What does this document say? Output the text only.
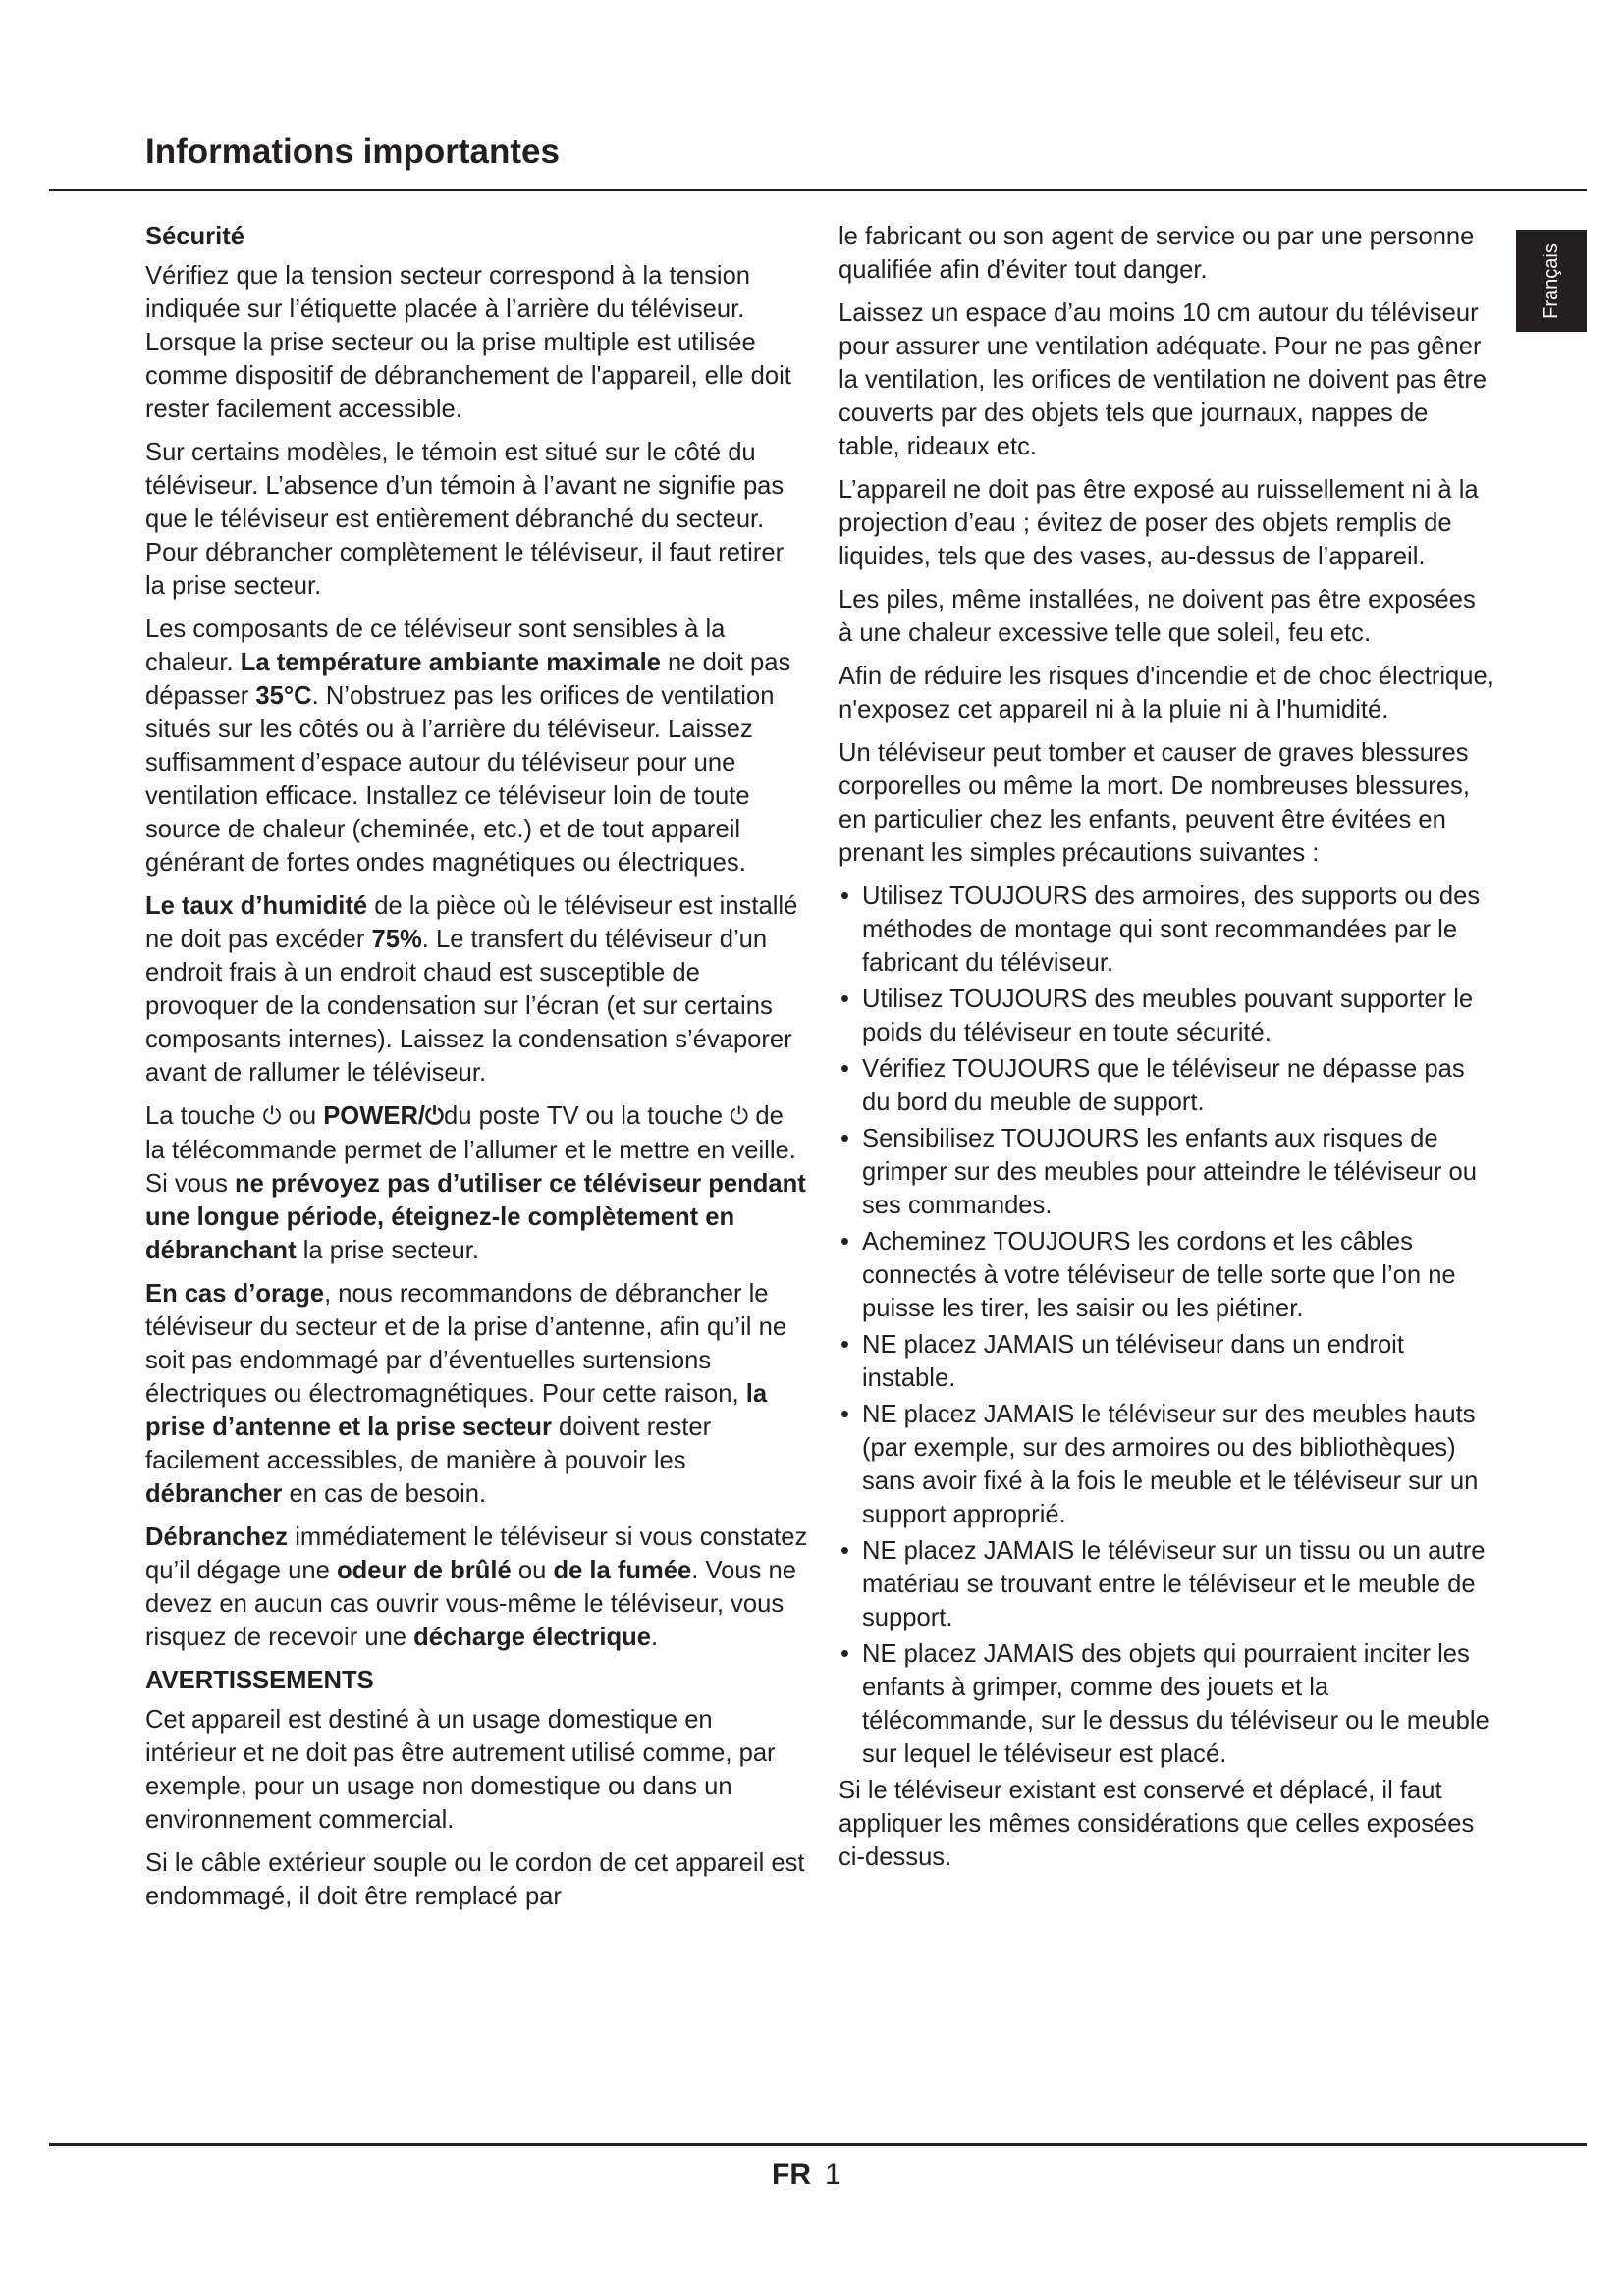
Informations importantes
Français
Sécurité

Vérifiez que la tension secteur correspond à la tension indiquée sur l’étiquette placée à l’arrière du téléviseur. Lorsque la prise secteur ou la prise multiple est utilisée comme dispositif de débranchement de l'appareil, elle doit rester facilement accessible.

Sur certains modèles, le témoin est situé sur le côté du téléviseur. L’absence d’un témoin à l’avant ne signifie pas que le téléviseur est entièrement débranché du secteur. Pour débrancher complètement le téléviseur, il faut retirer la prise secteur.

Les composants de ce téléviseur sont sensibles à la chaleur. La température ambiante maximale ne doit pas dépasser 35°C. N’obstruez pas les orifices de ventilation situés sur les côtés ou à l’arrière du téléviseur. Laissez suffisamment d’espace autour du téléviseur pour une ventilation efficace. Installez ce téléviseur loin de toute source de chaleur (cheminée, etc.) et de tout appareil générant de fortes ondes magnétiques ou électriques.

Le taux d’humidité de la pièce où le téléviseur est installé ne doit pas excéder 75%. Le transfert du téléviseur d’un endroit frais à un endroit chaud est susceptible de provoquer de la condensation sur l’écran (et sur certains composants internes). Laissez la condensation s’évaporer avant de rallumer le téléviseur.

La touche ⏻ ou POWER/⏻du poste TV ou la touche ⏻ de la télécommande permet de l’allumer et le mettre en veille. Si vous ne prévoyez pas d’utiliser ce téléviseur pendant une longue période, éteignez-le complètement en débranchant la prise secteur.

En cas d’orage, nous recommandons de débrancher le téléviseur du secteur et de la prise d’antenne, afin qu’il ne soit pas endommagé par d’éventuelles surtensions électriques ou électromagnétiques. Pour cette raison, la prise d’antenne et la prise secteur doivent rester facilement accessibles, de manière à pouvoir les débrancher en cas de besoin.

Débranchez immédiatement le téléviseur si vous constatez qu’il dégage une odeur de brûlé ou de la fumée. Vous ne devez en aucun cas ouvrir vous-même le téléviseur, vous risquez de recevoir une décharge électrique.

AVERTISSEMENTS

Cet appareil est destiné à un usage domestique en intérieur et ne doit pas être autrement utilisé comme, par exemple, pour un usage non domestique ou dans un environnement commercial.

Si le câble extérieur souple ou le cordon de cet appareil est endommagé, il doit être remplacé par

le fabricant ou son agent de service ou par une personne qualifiée afin d’éviter tout danger.

Laissez un espace d’au moins 10 cm autour du téléviseur pour assurer une ventilation adéquate. Pour ne pas gêner la ventilation, les orifices de ventilation ne doivent pas être couverts par des objets tels que journaux, nappes de table, rideaux etc.

L’appareil ne doit pas être exposé au ruissellement ni à la projection d’eau ; évitez de poser des objets remplis de liquides, tels que des vases, au-dessus de l’appareil.

Les piles, même installées, ne doivent pas être exposées à une chaleur excessive telle que soleil, feu etc.

Afin de réduire les risques d'incendie et de choc électrique, n'exposez cet appareil ni à la pluie ni à l'humidité.

Un téléviseur peut tomber et causer de graves blessures corporelles ou même la mort. De nombreuses blessures, en particulier chez les enfants, peuvent être évitées en prenant les simples précautions suivantes :

• Utilisez TOUJOURS des armoires, des supports ou des méthodes de montage qui sont recommandées par le fabricant du téléviseur.
• Utilisez TOUJOURS des meubles pouvant supporter le poids du téléviseur en toute sécurité.
• Vérifiez TOUJOURS que le téléviseur ne dépasse pas du bord du meuble de support.
• Sensibilisez TOUJOURS les enfants aux risques de grimper sur des meubles pour atteindre le téléviseur ou ses commandes.
• Acheminez TOUJOURS les cordons et les câbles connectés à votre téléviseur de telle sorte que l’on ne puisse les tirer, les saisir ou les piétiner.
• NE placez JAMAIS un téléviseur dans un endroit instable.
• NE placez JAMAIS le téléviseur sur des meubles hauts (par exemple, sur des armoires ou des bibliothèques) sans avoir fixé à la fois le meuble et le téléviseur sur un support approprié.
• NE placez JAMAIS le téléviseur sur un tissu ou un autre matériau se trouvant entre le téléviseur et le meuble de support.
• NE placez JAMAIS des objets qui pourraient inciter les enfants à grimper, comme des jouets et la télécommande, sur le dessus du téléviseur ou le meuble sur lequel le téléviseur est placé.

Si le téléviseur existant est conservé et déplacé, il faut appliquer les mêmes considérations que celles exposées ci-dessus.

FR 1
